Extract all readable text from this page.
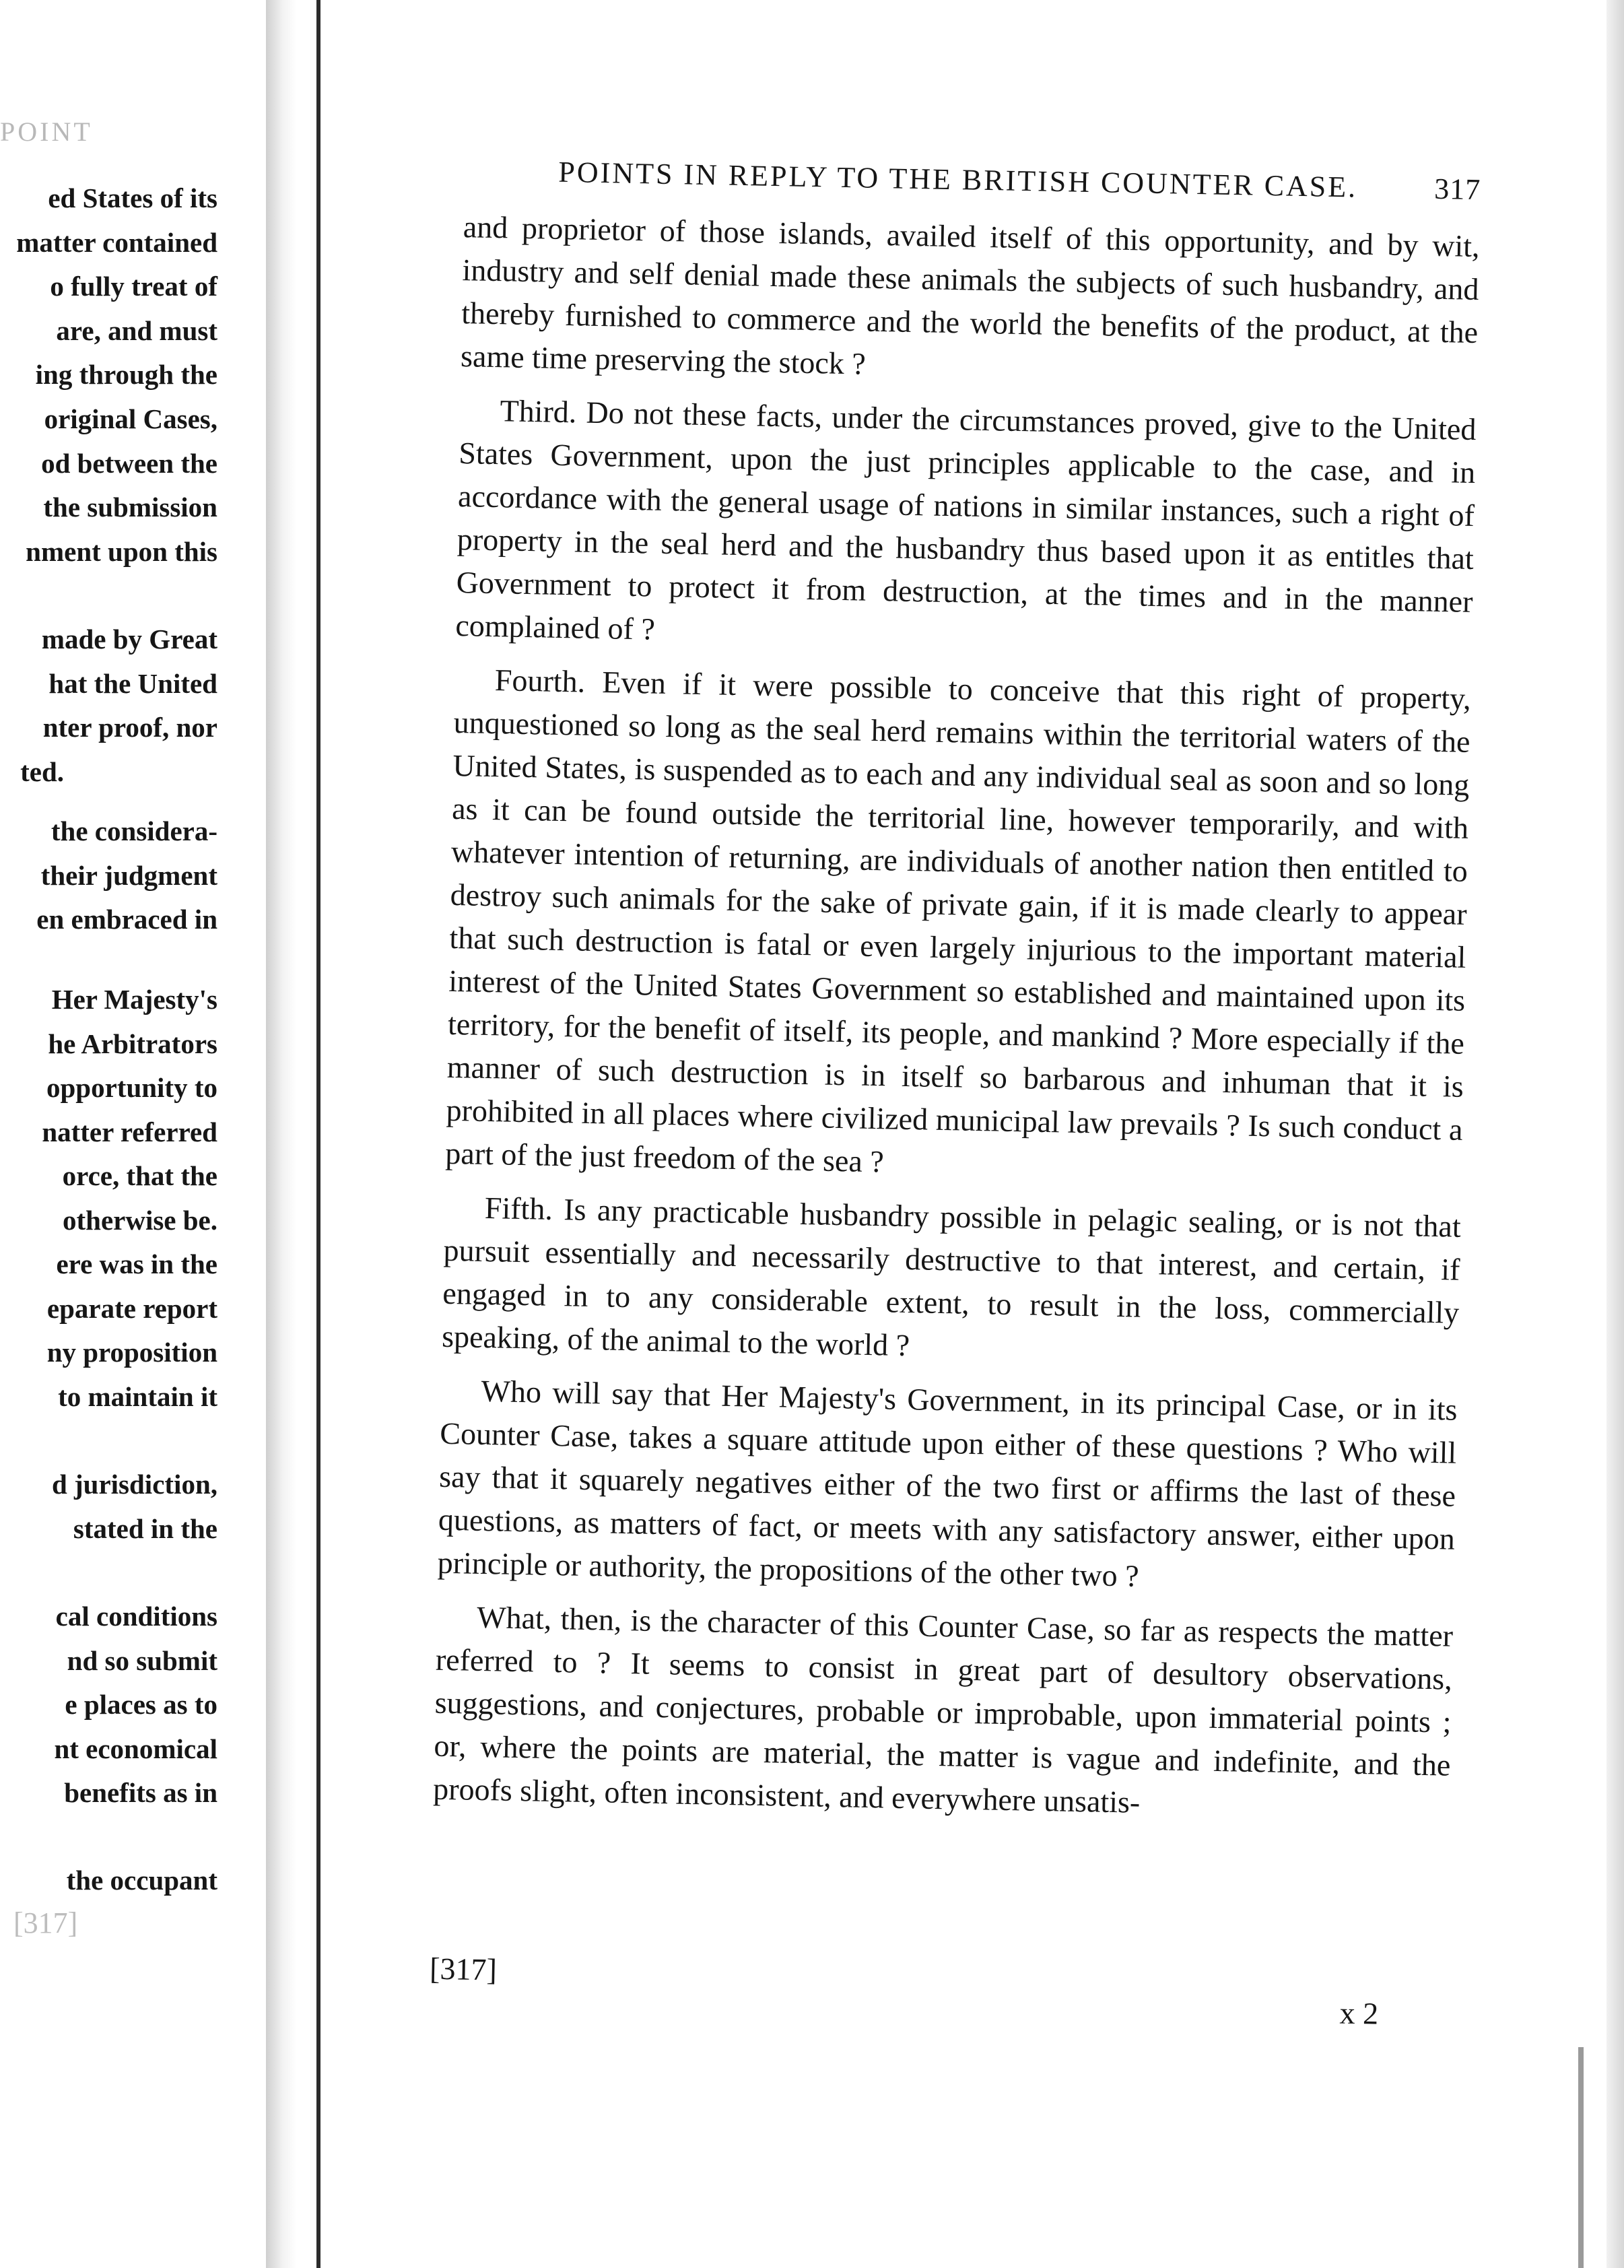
POINT
ed States of its
matter contained
o fully treat of
are, and must
ing through the
original Cases,
od between the
the submission
nment upon this
made by Great
hat the United
nter proof, nor
ted.
the considera-
their judgment
en embraced in
Her Majesty's
he Arbitrators
opportunity to
natter referred
orce, that the
otherwise be.
ere was in the
eparate report
ny proposition
to maintain it
d jurisdiction,
stated in the
cal conditions
nd so submit
e places as to
nt economical
benefits as in
the occupant
[317]
POINTS IN REPLY TO THE BRITISH COUNTER CASE.	317

and proprietor of those islands, availed itself of this opportunity, and by wit, industry and self denial made these animals the subjects of such husbandry, and thereby furnished to commerce and the world the benefits of the product, at the same time preserving the stock ?

Third. Do not these facts, under the circumstances proved, give to the United States Government, upon the just principles applicable to the case, and in accordance with the general usage of nations in similar instances, such a right of property in the seal herd and the husbandry thus based upon it as entitles that Government to protect it from destruction, at the times and in the manner complained of ?

Fourth. Even if it were possible to conceive that this right of property, unquestioned so long as the seal herd remains within the territorial waters of the United States, is suspended as to each and any individual seal as soon and so long as it can be found outside the territorial line, however temporarily, and with whatever intention of returning, are individuals of another nation then entitled to destroy such animals for the sake of private gain, if it is made clearly to appear that such destruction is fatal or even largely injurious to the important material interest of the United States Government so established and maintained upon its territory, for the benefit of itself, its people, and mankind ? More especially if the manner of such destruction is in itself so barbarous and inhuman that it is prohibited in all places where civilized municipal law prevails ? Is such conduct a part of the just freedom of the sea ?

Fifth. Is any practicable husbandry possible in pelagic sealing, or is not that pursuit essentially and necessarily destructive to that interest, and certain, if engaged in to any considerable extent, to result in the loss, commercially speaking, of the animal to the world ?

Who will say that Her Majesty's Government, in its principal Case, or in its Counter Case, takes a square attitude upon either of these questions ? Who will say that it squarely negatives either of the two first or affirms the last of these questions, as matters of fact, or meets with any satisfactory answer, either upon principle or authority, the propositions of the other two ?

What, then, is the character of this Counter Case, so far as respects the matter referred to ? It seems to consist in great part of desultory observations, suggestions, and conjectures, probable or improbable, upon immaterial points ; or, where the points are material, the matter is vague and indefinite, and the proofs slight, often inconsistent, and everywhere unsatis-

[317]
x 2
